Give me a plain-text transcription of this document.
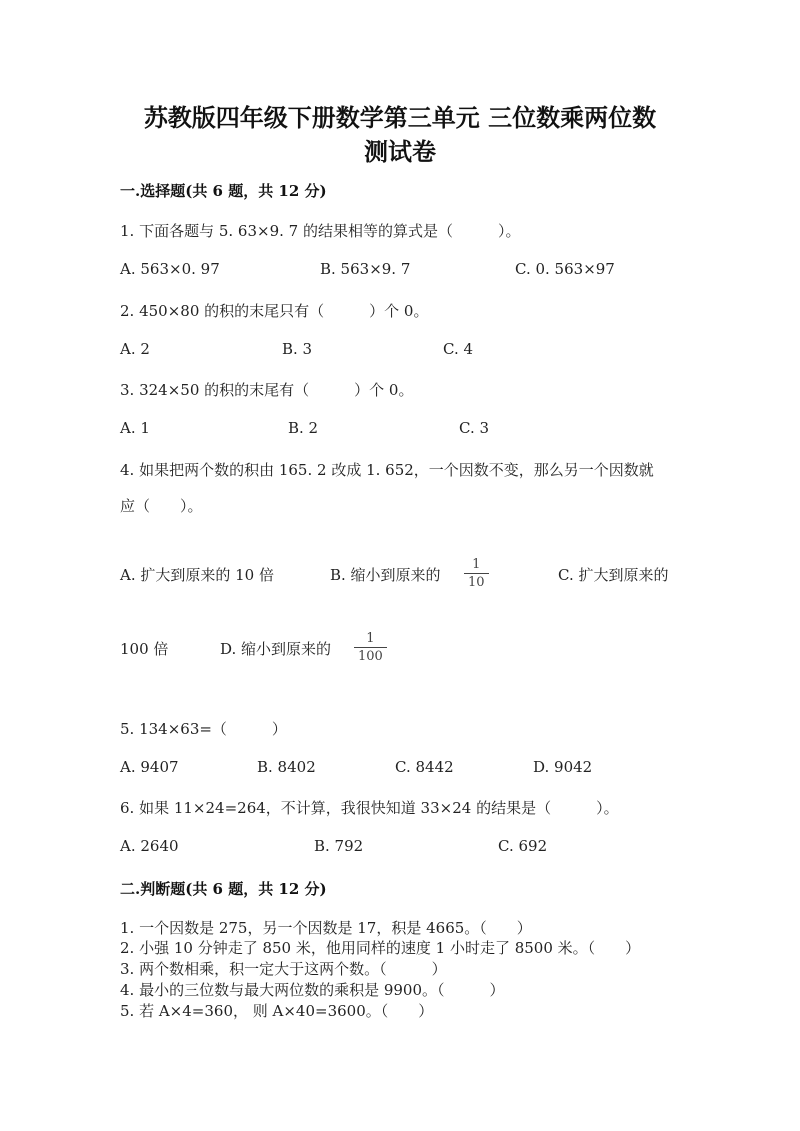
苏教版四年级下册数学第三单元 三位数乘两位数
测试卷
一.选择题(共 6 题，共 12 分)
1. 下面各题与 5. 63×9. 7 的结果相等的算式是（　　　）。
A. 563×0. 97	B. 563×9. 7	C. 0. 563×97
2. 450×80 的积的末尾只有（　　　）个 0。
A. 2	B. 3	C. 4
3. 324×50 的积的末尾有（　　　）个 0。
A. 1	B. 2	C. 3
4. 如果把两个数的积由 165. 2 改成 1. 652，一个因数不变，那么另一个因数就
应（　　）。
A. 扩大到原来的 10 倍	B. 缩小到原来的
1
10	C. 扩大到原来的
100 倍	D. 缩小到原来的
1
100
5. 134×63=（　　　）
A. 9407	B. 8402	C. 8442	D. 9042
6. 如果 11×24=264，不计算，我很快知道 33×24 的结果是（　　　）。
A. 2640	B. 792	C. 692
二.判断题(共 6 题，共 12 分)
1. 一个因数是 275，另一个因数是 17，积是 4665。（　　）
2. 小强 10 分钟走了 850 米，他用同样的速度 1 小时走了 8500 米。（　　）
3. 两个数相乘，积一定大于这两个数。（　　　）
4. 最小的三位数与最大两位数的乘积是 9900。（　　　）
5. 若 A×4=360， 则 A×40=3600。（　　）
